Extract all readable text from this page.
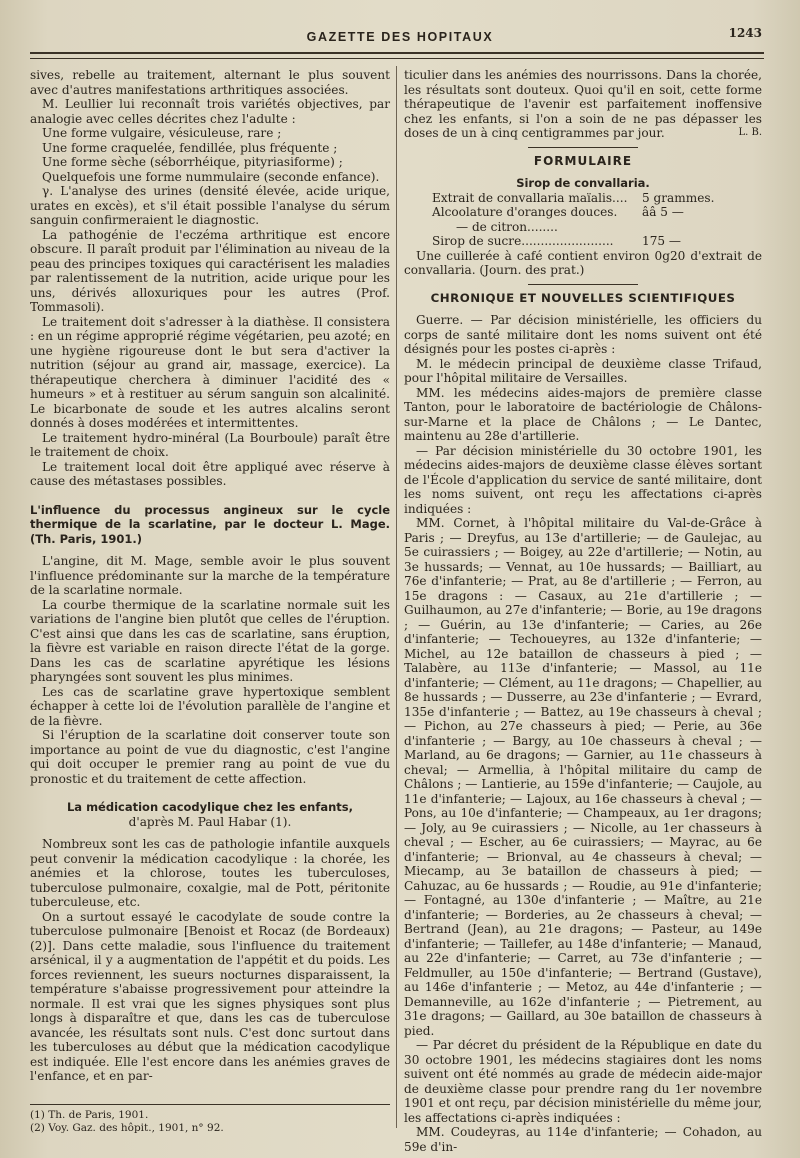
GAZETTE DES HOPITAUX	1243

sives, rebelle au traitement, alternant le plus souvent avec d'autres manifestations arthritiques associées.

M. Leullier lui reconnaît trois variétés objectives, par analogie avec celles décrites chez l'adulte :

Une forme vulgaire, vésiculeuse, rare ;

Une forme craquelée, fendillée, plus fréquente ;

Une forme sèche (séborrhéique, pityriasiforme) ;

Quelquefois une forme nummulaire (seconde enfance).

γ. L'analyse des urines (densité élevée, acide urique, urates en excès), et s'il était possible l'analyse du sérum sanguin confirmeraient le diagnostic.

La pathogénie de l'eczéma arthritique est encore obscure. Il paraît produit par l'élimination au niveau de la peau des principes toxiques qui caractérisent les maladies par ralentissement de la nutrition, acide urique pour les uns, dérivés alloxuriques pour les autres (Prof. Tommasoli).

Le traitement doit s'adresser à la diathèse. Il consistera : en un régime approprié régime végétarien, peu azoté; en une hygiène rigoureuse dont le but sera d'activer la nutrition (séjour au grand air, massage, exercice). La thérapeutique cherchera à diminuer l'acidité des « humeurs » et à restituer au sérum sanguin son alcalinité. Le bicarbonate de soude et les autres alcalins seront donnés à doses modérées et intermittentes.

Le traitement hydro-minéral (La Bourboule) paraît être le traitement de choix.

Le traitement local doit être appliqué avec réserve à cause des métastases possibles.

L'influence du processus angineux sur le cycle thermique de la scarlatine, par le docteur L. Mage. (Th. Paris, 1901.)

L'angine, dit M. Mage, semble avoir le plus souvent l'influence prédominante sur la marche de la température de la scarlatine normale.

La courbe thermique de la scarlatine normale suit les variations de l'angine bien plutôt que celles de l'éruption. C'est ainsi que dans les cas de scarlatine, sans éruption, la fièvre est variable en raison directe l'état de la gorge. Dans les cas de scarlatine apyrétique les lésions pharyngées sont souvent les plus minimes.

Les cas de scarlatine grave hypertoxique semblent échapper à cette loi de l'évolution parallèle de l'angine et de la fièvre.

Si l'éruption de la scarlatine doit conserver toute son importance au point de vue du diagnostic, c'est l'angine qui doit occuper le premier rang au point de vue du pronostic et du traitement de cette affection.

La médication cacodylique chez les enfants,

d'après M. Paul Habar (1).

Nombreux sont les cas de pathologie infantile auxquels peut convenir la médication cacodylique : la chorée, les anémies et la chlorose, toutes les tuberculoses, tuberculose pulmonaire, coxalgie, mal de Pott, péritonite tuberculeuse, etc.

On a surtout essayé le cacodylate de soude contre la tuberculose pulmonaire [Benoist et Rocaz (de Bordeaux) (2)]. Dans cette maladie, sous l'influence du traitement arsénical, il y a augmentation de l'appétit et du poids. Les forces reviennent, les sueurs nocturnes disparaissent, la température s'abaisse progressivement pour atteindre la normale. Il est vrai que les signes physiques sont plus longs à disparaître et que, dans les cas de tuberculose avancée, les résultats sont nuls. C'est donc surtout dans les tuberculoses au début que la médication cacodylique est indiquée. Elle l'est encore dans les anémies graves de l'enfance, et en par-

(1) Th. de Paris, 1901.

(2) Voy. Gaz. des hôpit., 1901, n° 92.

ticulier dans les anémies des nourrissons. Dans la chorée, les résultats sont douteux. Quoi qu'il en soit, cette forme thérapeutique de l'avenir est parfaitement inoffensive chez les enfants, si l'on a soin de ne pas dépasser les doses de un à cinq centigrammes par jour.	L. B.

FORMULAIRE

Sirop de convallaria.

Extrait de convallaria maïalis.... 5 grammes.
Alcoolature d'oranges douces. ââ 5 —
— de citron........
Sirop de sucre........................ 175 —

Une cuillerée à café contient environ 0g20 d'extrait de convallaria. (Journ. des prat.)

CHRONIQUE ET NOUVELLES SCIENTIFIQUES

Guerre. — Par décision ministérielle, les officiers du corps de santé militaire dont les noms suivent ont été désignés pour les postes ci-après :

M. le médecin principal de deuxième classe Trifaud, pour l'hôpital militaire de Versailles.

MM. les médecins aides-majors de première classe Tanton, pour le laboratoire de bactériologie de Châlons-sur-Marne et la place de Châlons ; — Le Dantec, maintenu au 28e d'artillerie.

— Par décision ministérielle du 30 octobre 1901, les médecins aides-majors de deuxième classe élèves sortant de l'École d'application du service de santé militaire, dont les noms suivent, ont reçu les affectations ci-après indiquées :

MM. Cornet, à l'hôpital militaire du Val-de-Grâce à Paris ; — Dreyfus, au 13e d'artillerie; — de Gaulejac, au 5e cuirassiers ; — Boigey, au 22e d'artillerie; — Notin, au 3e hussards; — Vennat, au 10e hussards; — Bailliart, au 76e d'infanterie; — Prat, au 8e d'artillerie ; — Ferron, au 15e dragons : — Casaux, au 21e d'artillerie ; — Guilhaumon, au 27e d'infanterie; — Borie, au 19e dragons ; — Guérin, au 13e d'infanterie; — Caries, au 26e d'infanterie; — Techoueyres, au 132e d'infanterie; — Michel, au 12e bataillon de chasseurs à pied ; — Talabère, au 113e d'infanterie; — Massol, au 11e d'infanterie; — Clément, au 11e dragons; — Chapellier, au 8e hussards ; — Dusserre, au 23e d'infanterie ; — Evrard, 135e d'infanterie ; — Battez, au 19e chasseurs à cheval ; — Pichon, au 27e chasseurs à pied; — Perie, au 36e d'infanterie ; — Bargy, au 10e chasseurs à cheval ; — Marland, au 6e dragons; — Garnier, au 11e chasseurs à cheval; — Armellia, à l'hôpital militaire du camp de Châlons ; — Lantierie, au 159e d'infanterie; — Caujole, au 11e d'infanterie; — Lajoux, au 16e chasseurs à cheval ; — Pons, au 10e d'infanterie; — Champeaux, au 1er dragons; — Joly, au 9e cuirassiers ; — Nicolle, au 1er chasseurs à cheval ; — Escher, au 6e cuirassiers; — Mayrac, au 6e d'infanterie; — Brionval, au 4e chasseurs à cheval; — Miecamp, au 3e bataillon de chasseurs à pied; — Cahuzac, au 6e hussards ; — Roudie, au 91e d'infanterie; — Fontagné, au 130e d'infanterie ; — Maître, au 21e d'infanterie; — Borderies, au 2e chasseurs à cheval; — Bertrand (Jean), au 21e dragons; — Pasteur, au 149e d'infanterie; — Taillefer, au 148e d'infanterie; — Manaud, au 22e d'infanterie; — Carret, au 73e d'infanterie ; — Feldmuller, au 150e d'infanterie; — Bertrand (Gustave), au 146e d'infanterie ; — Metoz, au 44e d'infanterie ; — Demanneville, au 162e d'infanterie ; — Pietrement, au 31e dragons; — Gaillard, au 30e bataillon de chasseurs à pied.

— Par décret du président de la République en date du 30 octobre 1901, les médecins stagiaires dont les noms suivent ont été nommés au grade de médecin aide-major de deuxième classe pour prendre rang du 1er novembre 1901 et ont reçu, par décision ministérielle du même jour, les affectations ci-après indiquées :

MM. Coudeyras, au 114e d'infanterie; — Cohadon, au 59e d'in-
